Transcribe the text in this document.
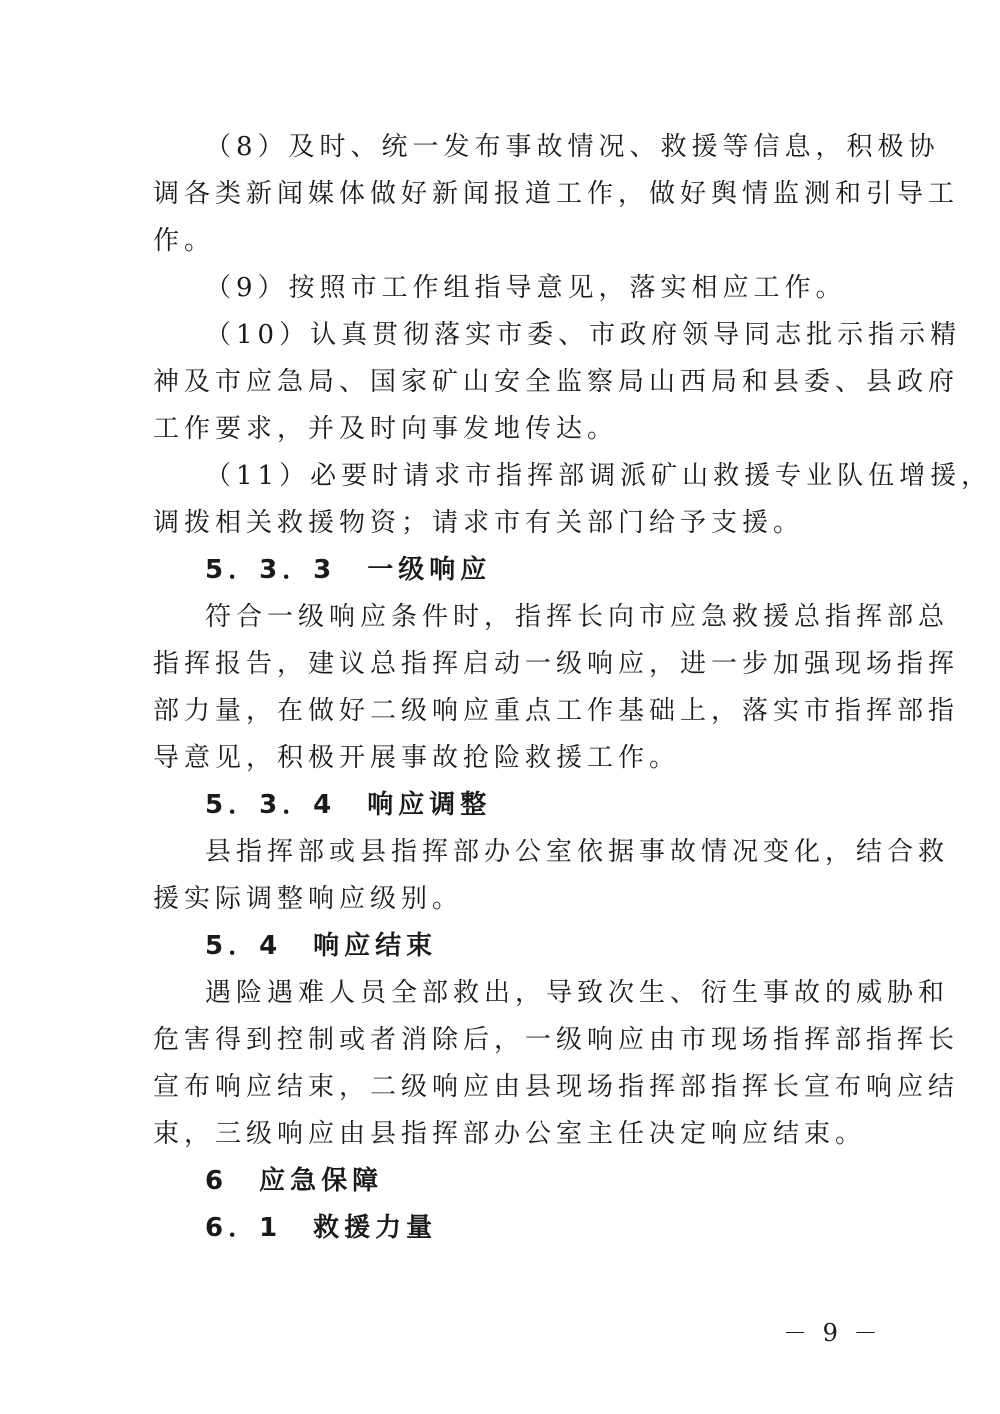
（8）及时、统一发布事故情况、救援等信息，积极协
调各类新闻媒体做好新闻报道工作，做好舆情监测和引导工
作。
（9）按照市工作组指导意见，落实相应工作。
（10）认真贯彻落实市委、市政府领导同志批示指示精
神及市应急局、国家矿山安全监察局山西局和县委、县政府
工作要求，并及时向事发地传达。
（11）必要时请求市指挥部调派矿山救援专业队伍增援，
调拨相关救援物资；请求市有关部门给予支援。
5．3．3　一级响应
符合一级响应条件时，指挥长向市应急救援总指挥部总
指挥报告，建议总指挥启动一级响应，进一步加强现场指挥
部力量，在做好二级响应重点工作基础上，落实市指挥部指
导意见，积极开展事故抢险救援工作。
5．3．4　响应调整
县指挥部或县指挥部办公室依据事故情况变化，结合救
援实际调整响应级别。
5．4　响应结束
遇险遇难人员全部救出，导致次生、衍生事故的威胁和
危害得到控制或者消除后，一级响应由市现场指挥部指挥长
宣布响应结束，二级响应由县现场指挥部指挥长宣布响应结
束，三级响应由县指挥部办公室主任决定响应结束。
6　应急保障
6．1　救援力量
－ 9 －
